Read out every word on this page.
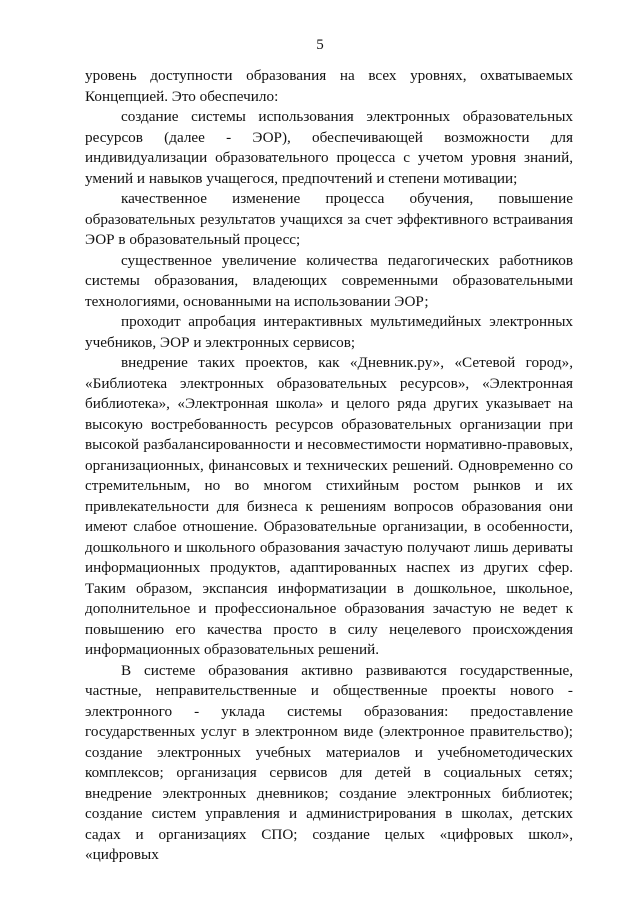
5

уровень доступности образования на всех уровнях, охватываемых Концепцией. Это обеспечило:

создание системы использования электронных образовательных ресурсов (далее - ЭОР), обеспечивающей возможности для индивидуализации образовательного процесса с учетом уровня знаний, умений и навыков учащегося, предпочтений и степени мотивации;

качественное изменение процесса обучения, повышение образовательных результатов учащихся за счет эффективного встраивания ЭОР в образовательный процесс;

существенное увеличение количества педагогических работников системы образования, владеющих современными образовательными технологиями, основанными на использовании ЭОР;

проходит апробация интерактивных мультимедийных электронных учебников, ЭОР и электронных сервисов;

внедрение таких проектов, как «Дневник.ру», «Сетевой город», «Библиотека электронных образовательных ресурсов», «Электронная библиотека», «Электронная школа» и целого ряда других указывает на высокую востребованность ресурсов образовательных организации при высокой разбалансированности и несовместимости нормативно-правовых, организационных, финансовых и технических решений. Одновременно со стремительным, но во многом стихийным ростом рынков и их привлекательности для бизнеса к решениям вопросов образования они имеют слабое отношение. Образовательные организации, в особенности, дошкольного и школьного образования зачастую получают лишь дериваты информационных продуктов, адаптированных наспех из других сфер. Таким образом, экспансия информатизации в дошкольное, школьное, дополнительное и профессиональное образования зачастую не ведет к повышению его качества просто в силу нецелевого происхождения информационных образовательных решений.

В системе образования активно развиваются государственные, частные, неправительственные и общественные проекты нового - электронного - уклада системы образования: предоставление государственных услуг в электронном виде (электронное правительство); создание электронных учебных материалов и учебнометодических комплексов; организация сервисов для детей в социальных сетях; внедрение электронных дневников; создание электронных библиотек; создание систем управления и администрирования в школах, детских садах и организациях СПО; создание целых «цифровых школ», «цифровых
